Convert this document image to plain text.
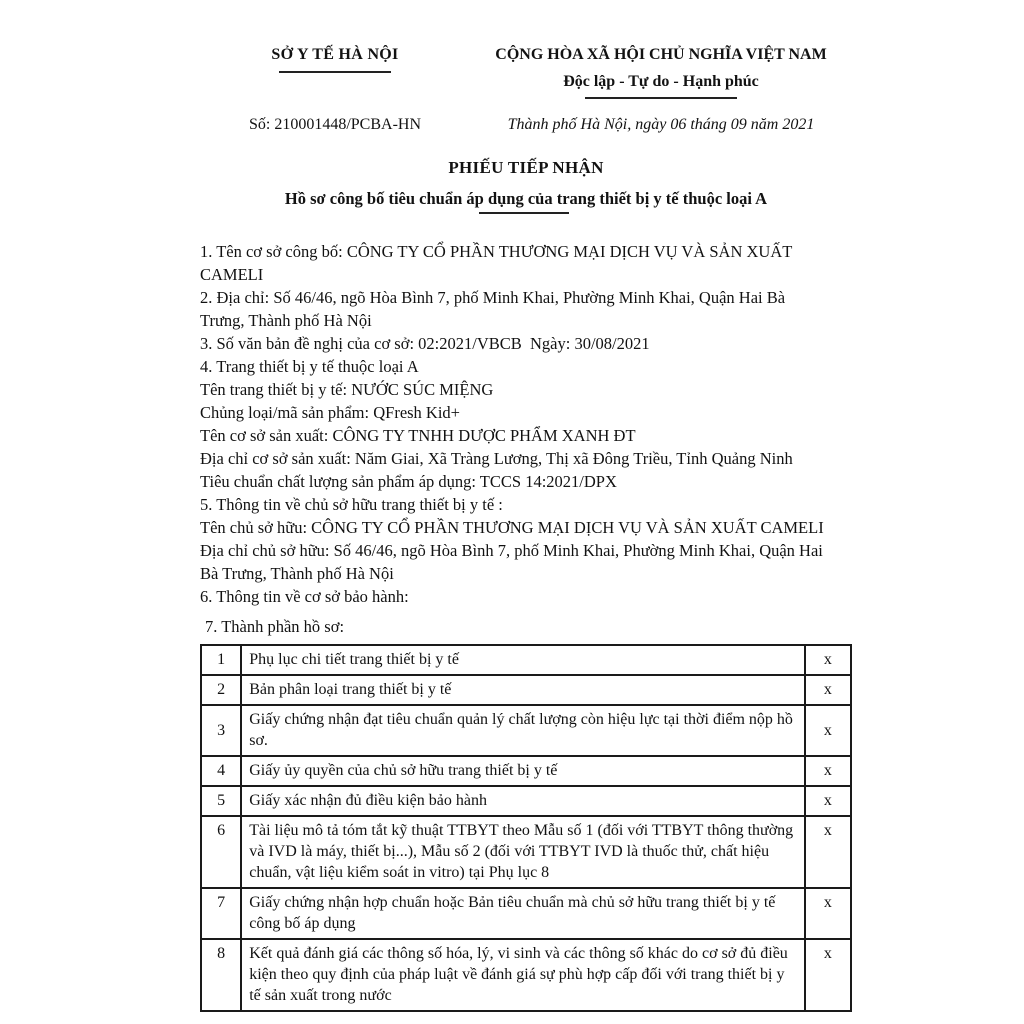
SỞ Y TẾ HÀ NỘI	CỘNG HÒA XÃ HỘI CHỦ NGHĨA VIỆT NAM
Độc lập - Tự do - Hạnh phúc
Số: 210001448/PCBA-HN	Thành phố Hà Nội, ngày 06 tháng 09 năm 2021
PHIẾU TIẾP NHẬN
Hồ sơ công bố tiêu chuẩn áp dụng của trang thiết bị y tế thuộc loại A

1. Tên cơ sở công bố: CÔNG TY CỔ PHẦN THƯƠNG MẠI DỊCH VỤ VÀ SẢN XUẤT CAMELI

2. Địa chỉ: Số 46/46, ngõ Hòa Bình 7, phố Minh Khai, Phường Minh Khai, Quận Hai Bà Trưng, Thành phố Hà Nội

3. Số văn bản đề nghị của cơ sở: 02:2021/VBCB  Ngày: 30/08/2021

4. Trang thiết bị y tế thuộc loại A

Tên trang thiết bị y tế: NƯỚC SÚC MIỆNG

Chủng loại/mã sản phẩm: QFresh Kid+

Tên cơ sở sản xuất: CÔNG TY TNHH DƯỢC PHẨM XANH ĐT

Địa chỉ cơ sở sản xuất: Năm Giai, Xã Tràng Lương, Thị xã Đông Triều, Tỉnh Quảng Ninh

Tiêu chuẩn chất lượng sản phẩm áp dụng: TCCS 14:2021/DPX

5. Thông tin về chủ sở hữu trang thiết bị y tế :

Tên chủ sở hữu: CÔNG TY CỔ PHẦN THƯƠNG MẠI DỊCH VỤ VÀ SẢN XUẤT CAMELI

Địa chỉ chủ sở hữu: Số 46/46, ngõ Hòa Bình 7, phố Minh Khai, Phường Minh Khai, Quận Hai Bà Trưng, Thành phố Hà Nội

6. Thông tin về cơ sở bảo hành:

7. Thành phần hồ sơ:

1	Phụ lục chi tiết trang thiết bị y tế	x
2	Bản phân loại trang thiết bị y tế	x
3	Giấy chứng nhận đạt tiêu chuẩn quản lý chất lượng còn hiệu lực tại thời điểm nộp hồ sơ.	x
4	Giấy ủy quyền của chủ sở hữu trang thiết bị y tế	x
5	Giấy xác nhận đủ điều kiện bảo hành	x
6	Tài liệu mô tả tóm tắt kỹ thuật TTBYT theo Mẫu số 1 (đối với TTBYT thông thường và IVD là máy, thiết bị...), Mẫu số 2 (đối với TTBYT IVD là thuốc thử, chất hiệu chuẩn, vật liệu kiểm soát in vitro) tại Phụ lục 8	x
7	Giấy chứng nhận hợp chuẩn hoặc Bản tiêu chuẩn mà chủ sở hữu trang thiết bị y tế công bố áp dụng	x
8	Kết quả đánh giá các thông số hóa, lý, vi sinh và các thông số khác do cơ sở đủ điều kiện theo quy định của pháp luật về đánh giá sự phù hợp cấp đối với trang thiết bị y tế sản xuất trong nước	x
